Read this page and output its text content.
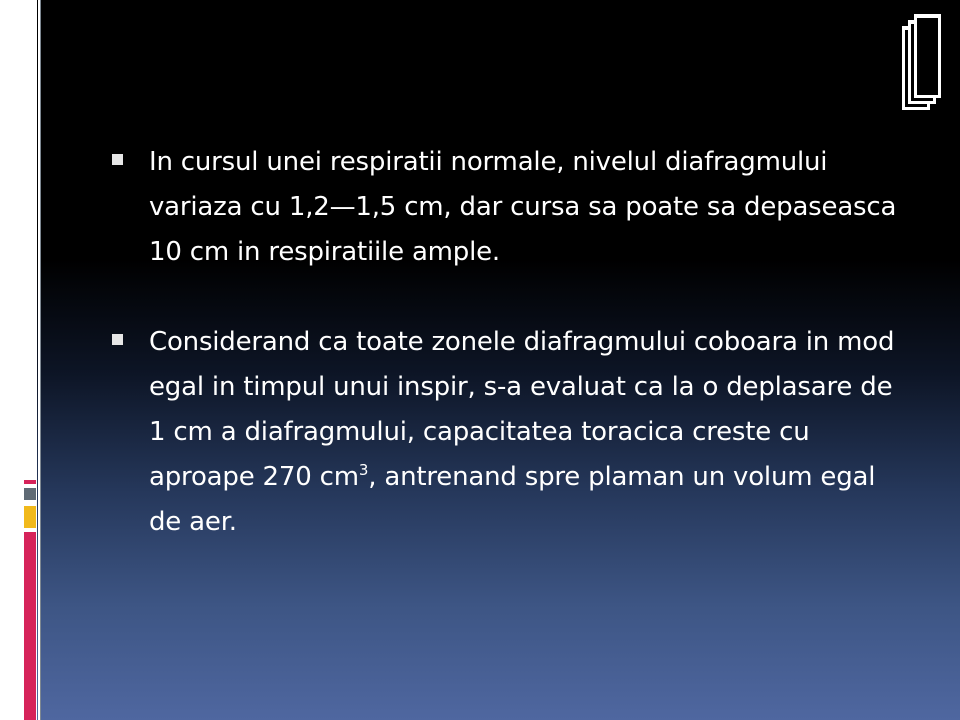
In cursul unei respiratii normale, nivelul diafragmului variaza cu 1,2—1,5 cm, dar cursa sa poate sa depaseasca 10 cm in respiratiile ample.
Considerand ca toate zonele diafragmului coboara in mod egal in timpul unui inspir, s-a evaluat ca la o deplasare de 1 cm a diafragmului, capacitatea toracica creste cu aproape 270 $cm^3$, antrenand spre plaman un volum egal de aer.
